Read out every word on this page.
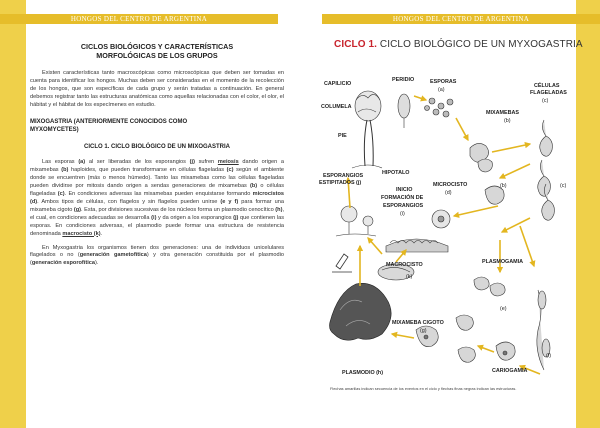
HONGOS DEL CENTRO DE ARGENTINA
CICLOS BIOLÓGICOS Y CARACTERÍSTICAS
MORFOLÓGICAS DE LOS GRUPOS

Existen características tanto macroscópicas como microscópicas que deben ser tomadas en cuenta para identificar los hongos. Muchas deben ser consideradas en el momento de la recolección de los hongos, que son específicas de cada grupo y serán tratadas a continuación. En general debemos registrar tanto las estructuras anatómicas como aquellas relacionadas con el color, el olor, el hábitat y el hábitat de los especímenes en estudio.

MIXOGASTRIA (ANTERIORMENTE CONOCIDOS COMO
MYXOMYCETES)
CICLO 1. CICLO BIOLÓGICO DE UN MIXOGASTRIA

Las esporas (a) al ser liberadas de los esporangios (j) sufren meiosis dando origen a mixamebas (b) haploides, que pueden transformarse en células flageladas (c) según el ambiente donde se encuentren (más o menos húmedo). Tanto las mixamebas como las células flageladas pueden dividirse por mitosis dando origen a sendas generaciones de mixamebas (b) o células flageladas (c). En condiciones adversas las mixamebas pueden enquistarse formando microcistos (d). Ambos tipos de células, con flagelos y sin flagelos pueden unirse (e y f) para formar una mixameba cigoto (g). Esta, por divisiones sucesivas de los núcleos forma un plasmodio cenocítico (h), el cual, en condiciones adecuadas se desarrolla (i) y da origen a los esporangios (j) que contienen las esporas. En condiciones adversas, el plasmodio puede formar una estructura de resistencia denominada macrocisto (k).

En Myxogastria los organismos tienen dos generaciones: una de individuos unicelulares flagelados o no (generación gametofítica) y otra generación constituida por el plasmodio (generación esporofítica).

HONGOS DEL CENTRO DE ARGENTINA
CICLO 1. CICLO BIOLÓGICO DE UN MYXOGASTRIA
CAPILICIO
PERIDIO	ESPORAS
(a)
CÉLULAS
FLAGELADAS
(c)
COLUMELA
MIXAMEBAS
(b)
PIE
HIPOTALO
ESPORANGIOS
ESTIPITADOS (j)
INICIO
FORMACIÓN DE
ESPORANGIOS
(i)
MICROCISTO
(d)
(b)	(c)
MACROCISTO
(k)
PLASMOGAMIA
(e)
(f)
MIXAMEBA CIGOTO
(g)
PLASMODIO (h)	CARIOGAMIA
Flechas amarillas indican secuencia de los eventos en el ciclo y flechas finas negras indican las estructuras.
